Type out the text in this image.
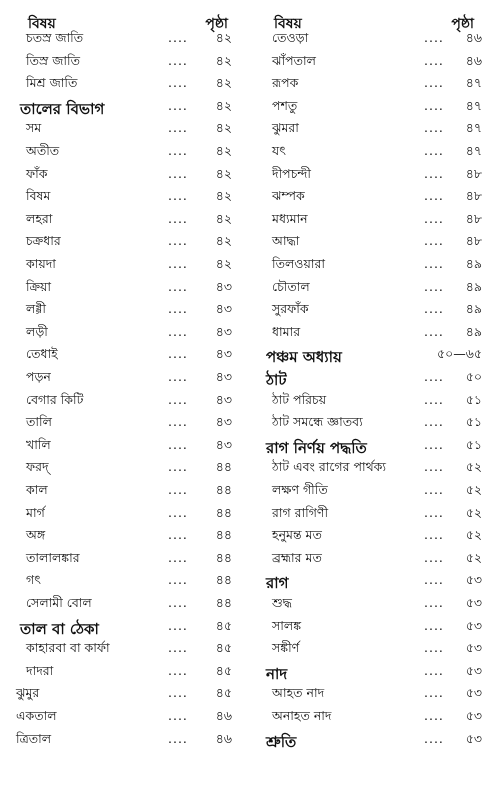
বিষয়	পৃষ্ঠা
চতস্র জাতি	.... ৪২
তিস্র জাতি	.... ৪২
মিশ্র জাতি	.... ৪২
তালের বিভাগ	.... ৪২
সম	.... ৪২
অতীত	.... ৪২
ফাঁক	.... ৪২
বিষম	.... ৪২
লহরা	.... ৪২
চক্রধার	.... ৪২
কায়দা	.... ৪২
ক্রিয়া	.... ৪৩
লগ্গী	.... ৪৩
লড়ী	.... ৪৩
তেধাই	.... ৪৩
পড়ন	.... ৪৩
বেগার কিটি	.... ৪৩
তালি	.... ৪৩
খালি	.... ৪৩
ফরদ্	.... ৪৪
কাল	.... ৪৪
মার্গ	.... ৪৪
অঙ্গ	.... ৪৪
তালালঙ্কার	.... ৪৪
গৎ	.... ৪৪
সেলামী বোল	.... ৪৪
তাল বা ঠেকা	.... ৪৫
কাহারবা বা কার্ফা	.... ৪৫
দাদরা	.... ৪৫
ঝুমুর	.... ৪৫
একতাল	.... ৪৬
ত্রিতাল	.... ৪৬
বিষয়	পৃষ্ঠা
তেওড়া	.... ৪৬
ঝাঁপতাল	.... ৪৬
রূপক	.... ৪৭
পশতু	.... ৪৭
ঝুমরা	.... ৪৭
যৎ	.... ৪৭
দীপচন্দী	.... ৪৮
ঝম্পক	.... ৪৮
মধ্যমান	.... ৪৮
আদ্ধা	.... ৪৮
তিলওয়ারা	.... ৪৯
চৌতাল	.... ৪৯
সুরফাঁক	.... ৪৯
ধামার	.... ৪৯
পঞ্চম অধ্যায়	৫০—৬৫
ঠাট	.... ৫০
ঠাট পরিচয়	.... ৫১
ঠাট সমন্ধে জ্ঞাতব্য	.... ৫১
রাগ নির্ণয় পদ্ধতি	.... ৫১
ঠাট এবং রাগের পার্থক্য	.... ৫২
লক্ষণ গীতি	.... ৫২
রাগ রাগিণী	.... ৫২
হনুমন্ত মত	.... ৫২
ব্রহ্মার মত	.... ৫২
রাগ	.... ৫৩
শুদ্ধ	.... ৫৩
সালঙ্ক	.... ৫৩
সঙ্কীর্ণ	.... ৫৩
নাদ	.... ৫৩
আহত নাদ	.... ৫৩
অনাহত নাদ	.... ৫৩
শ্রুতি	.... ৫৩
